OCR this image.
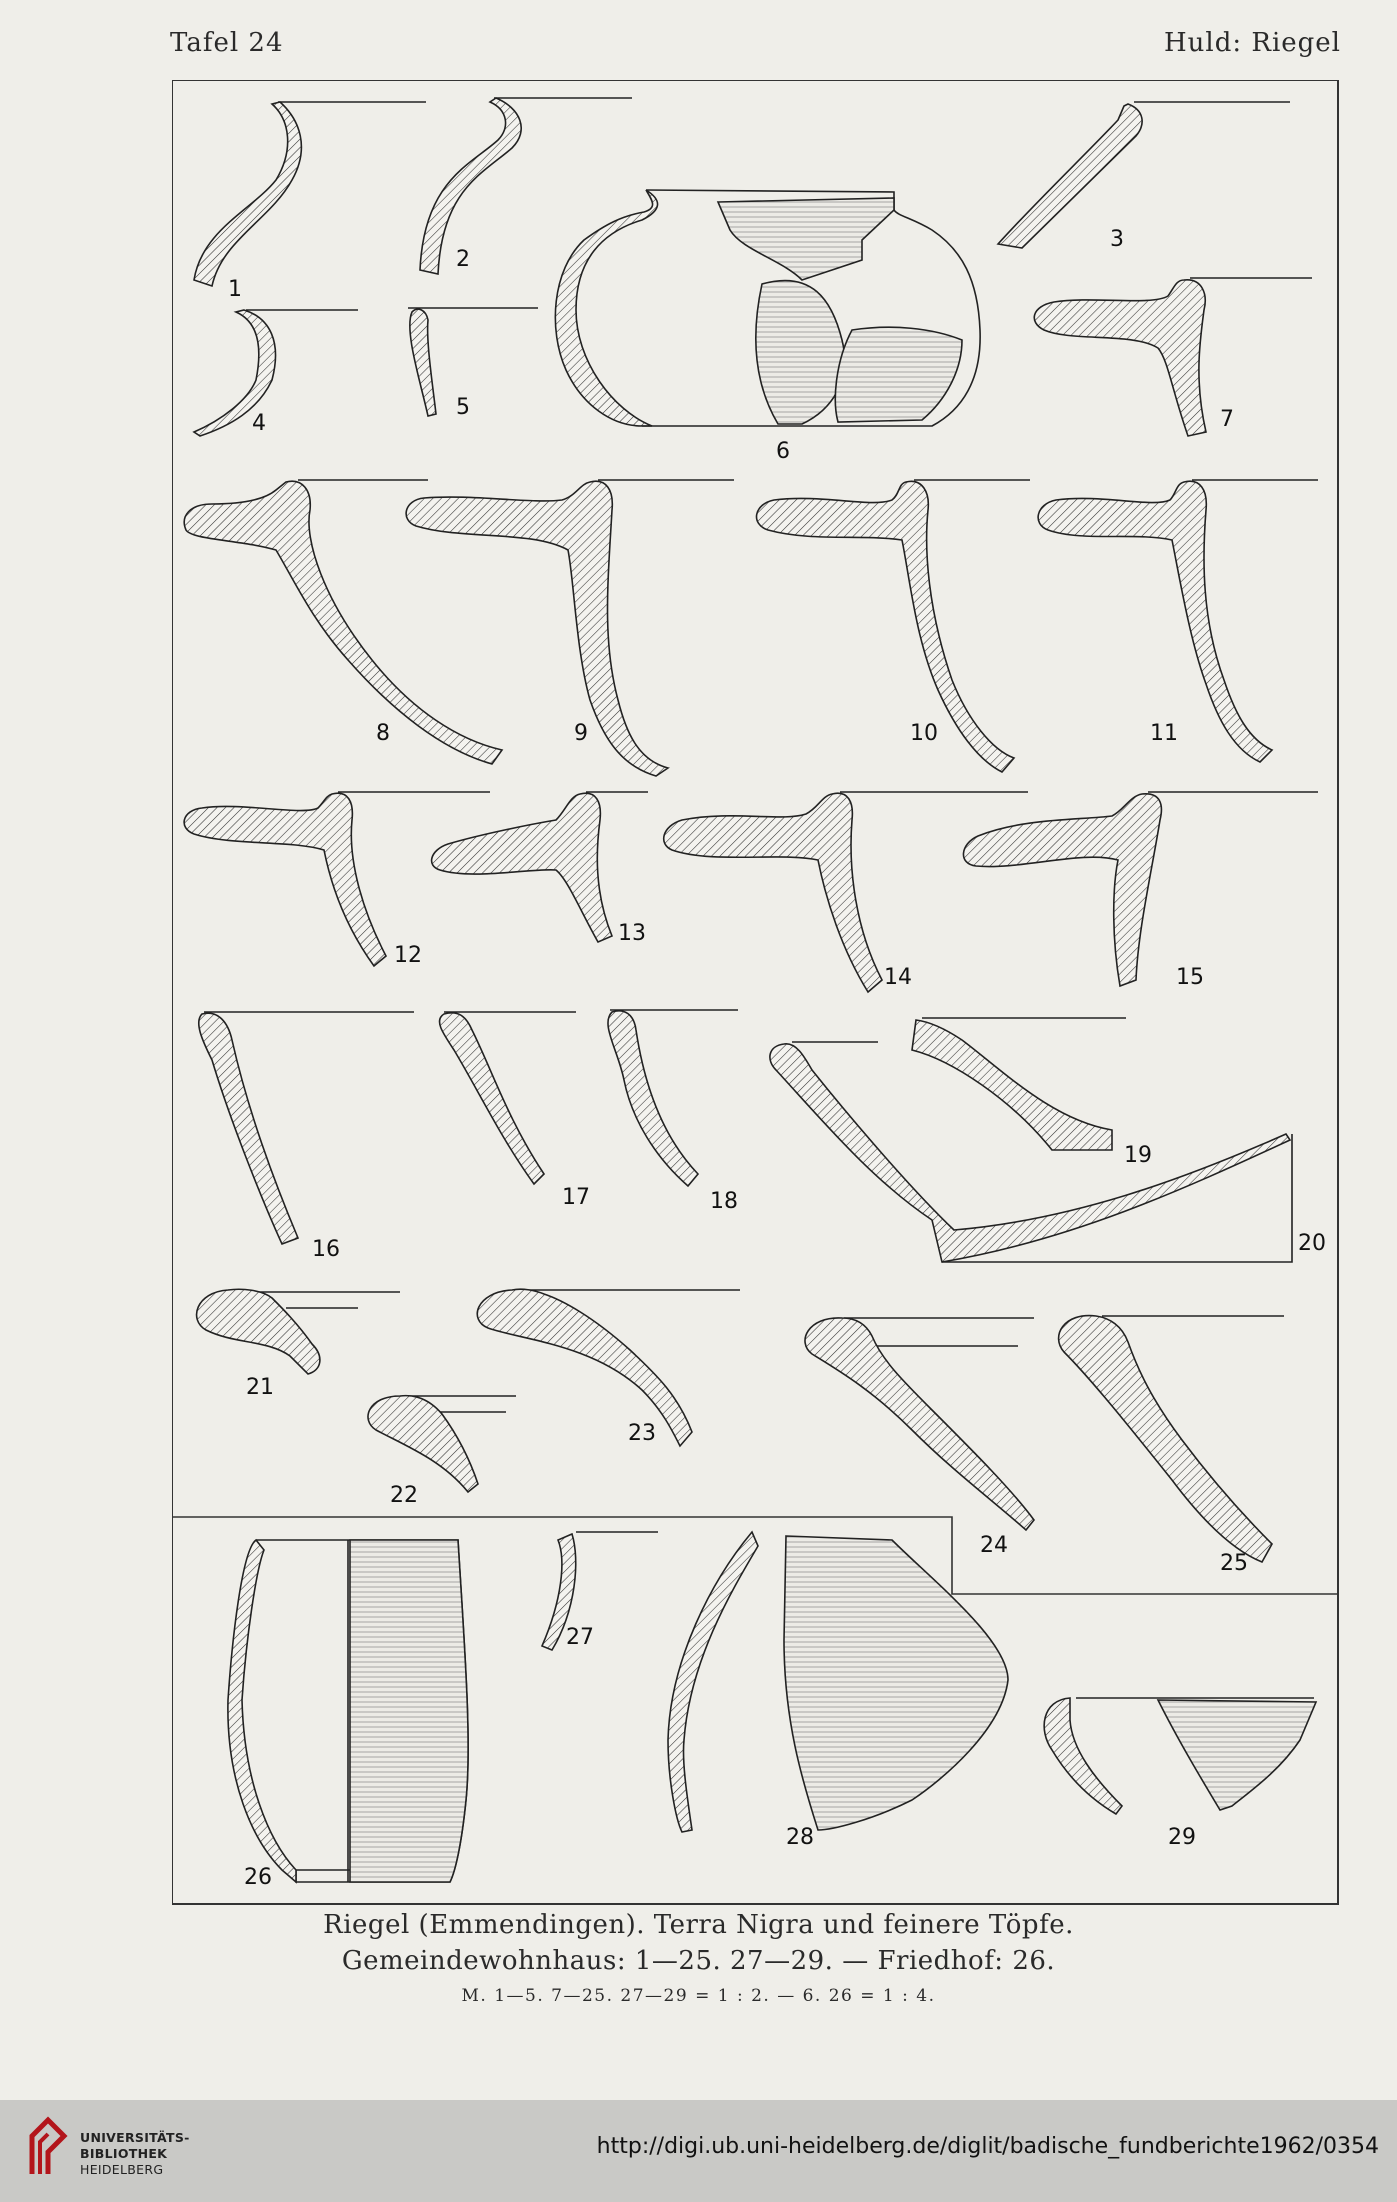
Tafel 24	Huld: Riegel
1
2
3
4
5
6
7
8	9	10	11
12
13
14	15
16
17	18
19
20
21
22
23
24
25
26
27
28	29
Riegel (Emmendingen). Terra Nigra und feinere Töpfe.
Gemeindewohnhaus: 1—25. 27—29. — Friedhof: 26.
M. 1—5. 7—25. 27—29 = 1 : 2. — 6. 26 = 1 : 4.
UNIVERSITÄTS-
BIBLIOTHEK
HEIDELBERG
http://digi.ub.uni-heidelberg.de/diglit/badische_fundberichte1962/0354
